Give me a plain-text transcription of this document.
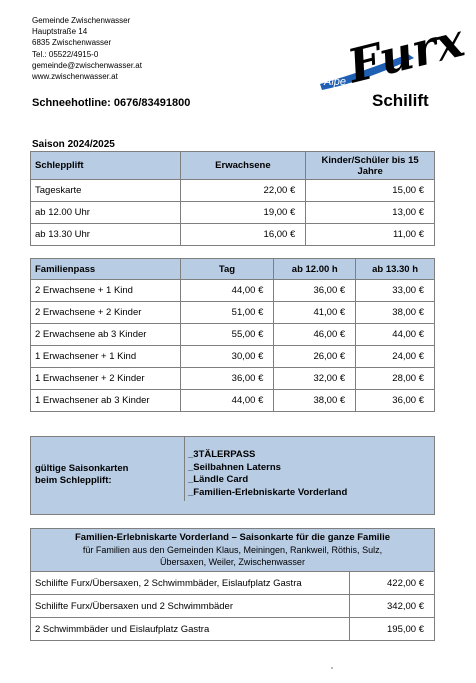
Gemeinde Zwischenwasser
Hauptstraße 14
6835 Zwischenwasser
Tel.: 05522/4915-0
gemeinde@zwischenwasser.at
www.zwischenwasser.at
Schneehotline: 0676/83491800
Alpe
Furx
Schilift
Saison 2024/2025
Schlepplift	Erwachsene	Kinder/Schüler bis 15 Jahre
Tageskarte	22,00 €	15,00 €
ab 12.00 Uhr	19,00 €	13,00 €
ab 13.30 Uhr	16,00 €	11,00 €
Familienpass	Tag	ab 12.00 h	ab 13.30 h
2 Erwachsene + 1 Kind	44,00 €	36,00 €	33,00 €
2 Erwachsene + 2 Kinder	51,00 €	41,00 €	38,00 €
2 Erwachsene ab 3 Kinder	55,00 €	46,00 €	44,00 €
1 Erwachsener + 1 Kind	30,00 €	26,00 €	24,00 €
1 Erwachsener + 2 Kinder	36,00 €	32,00 €	28,00 €
1 Erwachsener ab 3 Kinder	44,00 €	38,00 €	36,00 €
gültige Saisonkarten
beim Schlepplift:
_3TÄLERPASS
_Seilbahnen Laterns
_Ländle Card
_Familien-Erlebniskarte Vorderland
Familien-Erlebniskarte Vorderland – Saisonkarte für die ganze Familie
für Familien aus den Gemeinden Klaus, Meiningen, Rankweil, Röthis, Sulz,
Übersaxen, Weiler, Zwischenwasser	

Schilifte Furx/Übersaxen, 2 Schwimmbäder, Eislaufplatz Gastra	422,00 €
Schilifte Furx/Übersaxen und 2 Schwimmbäder	342,00 €
2 Schwimmbäder und Eislaufplatz Gastra	195,00 €
